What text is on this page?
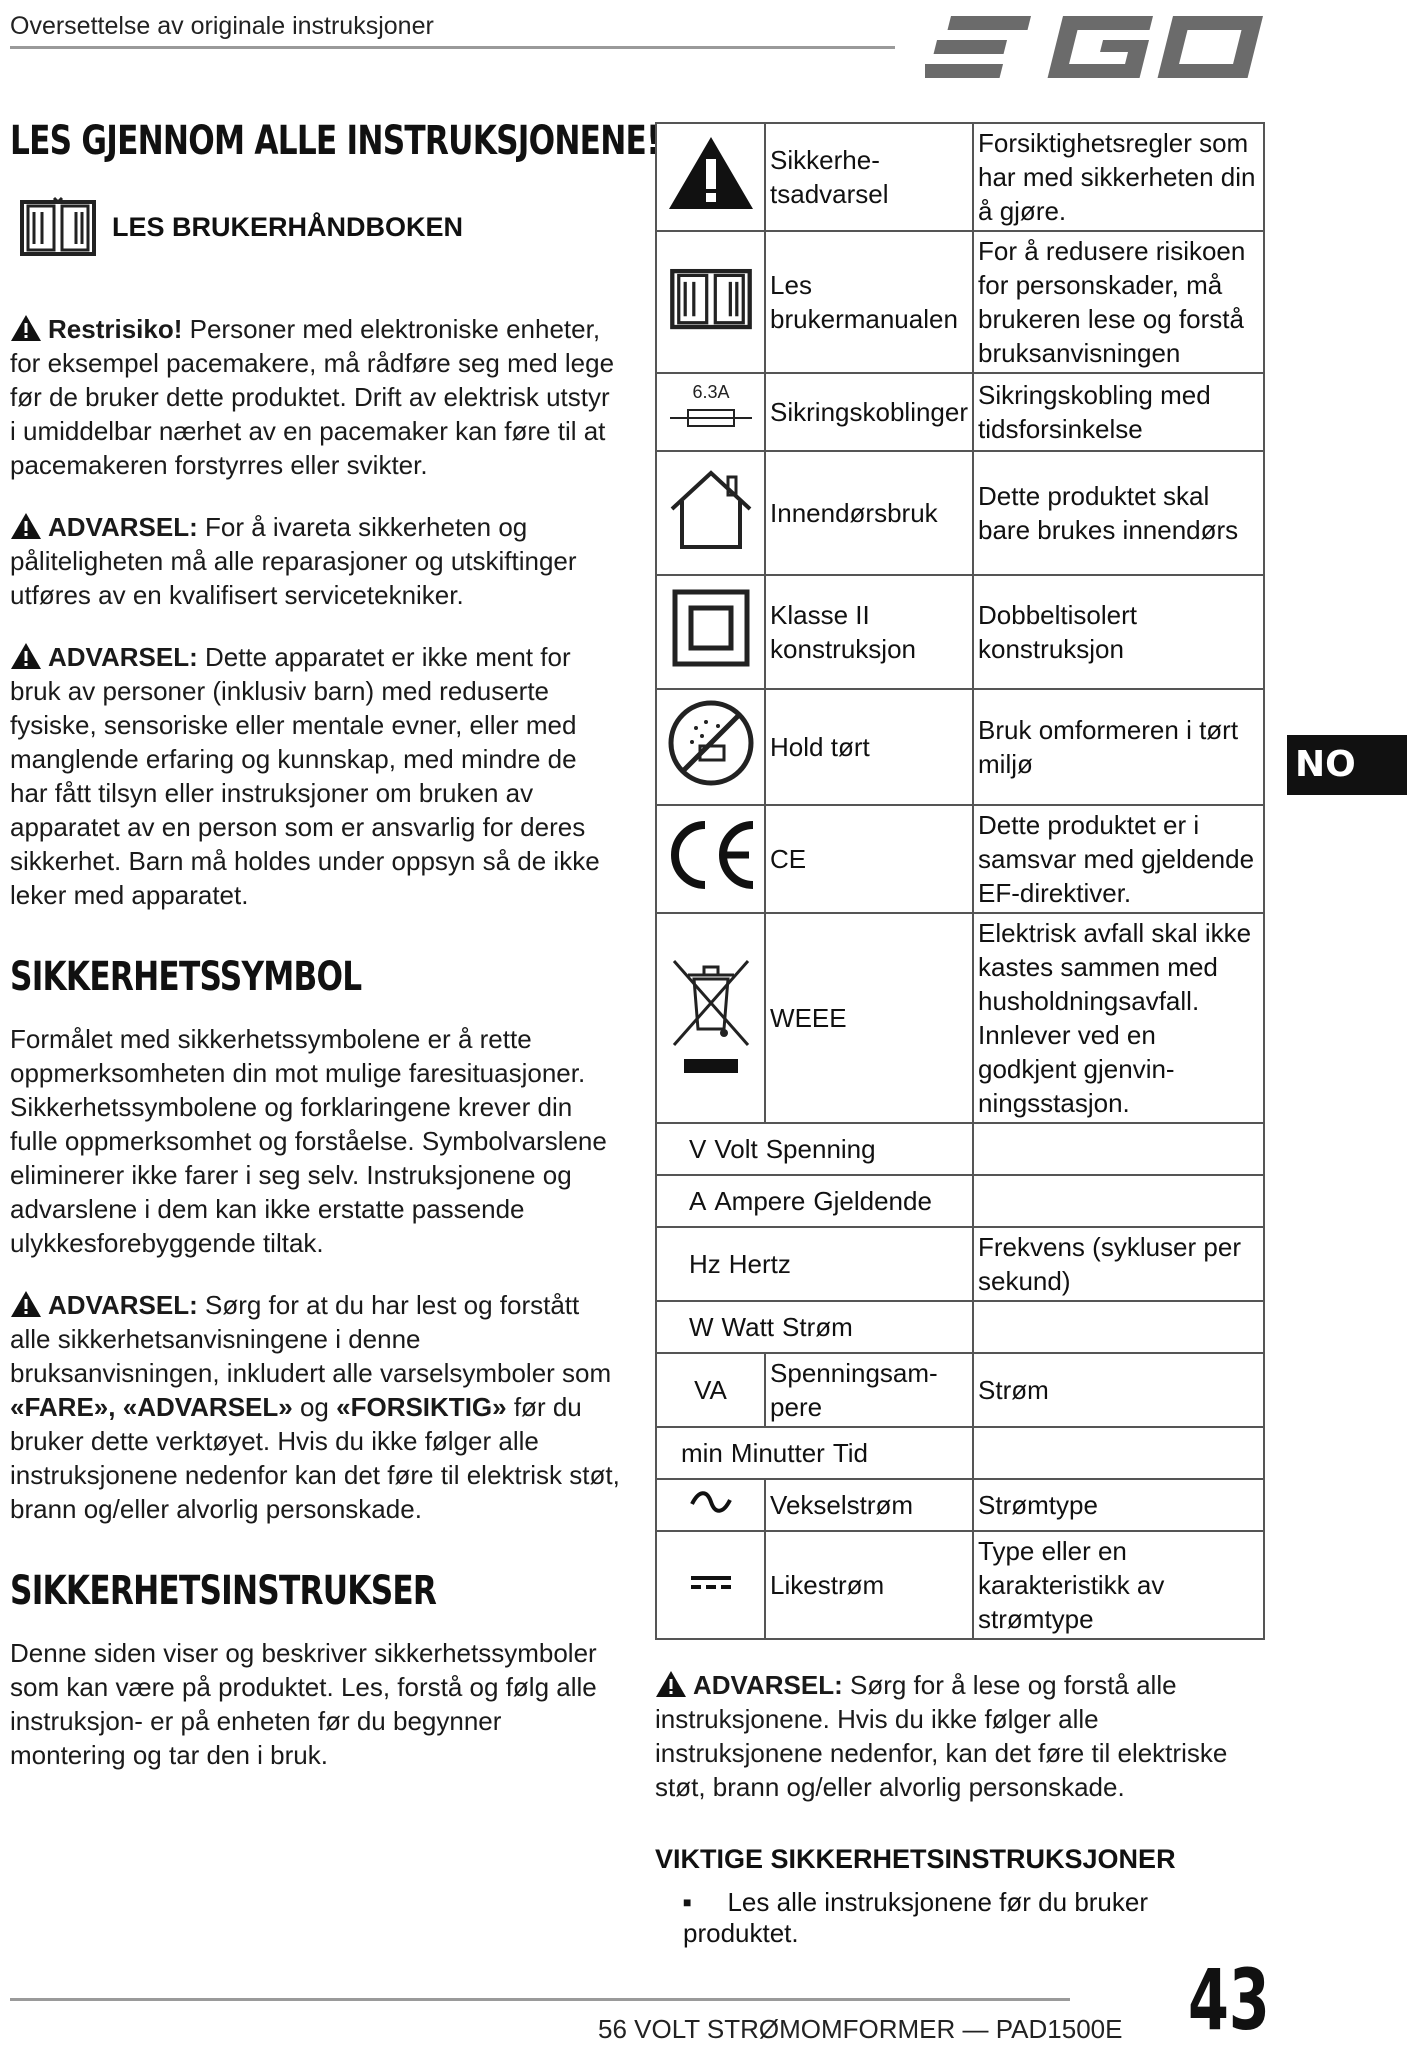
Oversettelse av originale instruksjoner
LES GJENNOM ALLE INSTRUKSJONENE!
LES BRUKERHÅNDBOKEN

Restrisiko! Personer med elektroniske enheter, for eksempel pacemakere, må rådføre seg med lege før de bruker dette produktet. Drift av elektrisk utstyr i umiddelbar nærhet av en pacemaker kan føre til at pacemakeren forstyrres eller svikter.

ADVARSEL: For å ivareta sikkerheten og påliteligheten må alle reparasjoner og utskiftinger utføres av en kvalifisert servicetekniker.

ADVARSEL: Dette apparatet er ikke ment for bruk av personer (inklusiv barn) med reduserte fysiske, sensoriske eller mentale evner, eller med manglende erfaring og kunnskap, med mindre de har fått tilsyn eller instruksjoner om bruken av apparatet av en person som er ansvarlig for deres sikkerhet. Barn må holdes under oppsyn så de ikke leker med apparatet.

SIKKERHETSSYMBOL

Formålet med sikkerhetssymbolene er å rette oppmerksomheten din mot mulige faresituasjoner. Sikkerhetssymbolene og forklaringene krever din fulle oppmerksomhet og forståelse. Symbolvarslene eliminerer ikke farer i seg selv. Instruksjonene og advarslene i dem kan ikke erstatte passende ulykkesforebyggende tiltak.

ADVARSEL: Sørg for at du har lest og forstått alle sikkerhetsanvisningene i denne bruksanvisningen, inkludert alle varselsymboler som «FARE», «ADVARSEL» og «FORSIKTIG» før du bruker dette verktøyet. Hvis du ikke følger alle instruksjonene nedenfor kan det føre til elektrisk støt, brann og/eller alvorlig personskade.

SIKKERHETSINSTRUKSER

Denne siden viser og beskriver sikkerhetssymboler som kan være på produktet. Les, forstå og følg alle instruksjon- er på enheten før du begynner montering og tar den i bruk.

	Sikkerhe- tsadvarsel	Forsiktighetsregler som har med sikkerheten din å gjøre.
	Les brukermanualen	For å redusere risikoen for personskader, må brukeren lese og forstå bruksanvisningen

6.3A	Sikringskoblinger	Sikringskobling med tidsforsinkelse
	Innendørsbruk	Dette produktet skal bare brukes innendørs
	Klasse II konstruksjon	Dobbeltisolert konstruksjon
	Hold tørt	Bruk omformeren i tørt miljø
	CE	Dette produktet er i samsvar med gjeldende EF-direktiver.
	WEEE	Elektrisk avfall skal ikke kastes sammen med husholdningsavfall. Innlever ved en godkjent gjenvin- ningsstasjon.

V Volt Spenning		

A Ampere Gjeldende		

Hz Hertz		Frekvens (sykluser per sekund)

W Watt Strøm		

VA	Spenningsam- pere	Strøm

min Minutter Tid		

	Vekselstrøm	Strømtype
	Likestrøm	Type eller en karakteristikk av strømtype

ADVARSEL: Sørg for å lese og forstå alle instruksjonene. Hvis du ikke følger alle instruksjonene nedenfor, kan det føre til elektriske støt, brann og/eller alvorlig personskade.

VIKTIGE SIKKERHETSINSTRUKSJONER
■ Les alle instruksjonene før du bruker produktet.
NO
56 VOLT STRØMOMFORMER — PAD1500E 43
